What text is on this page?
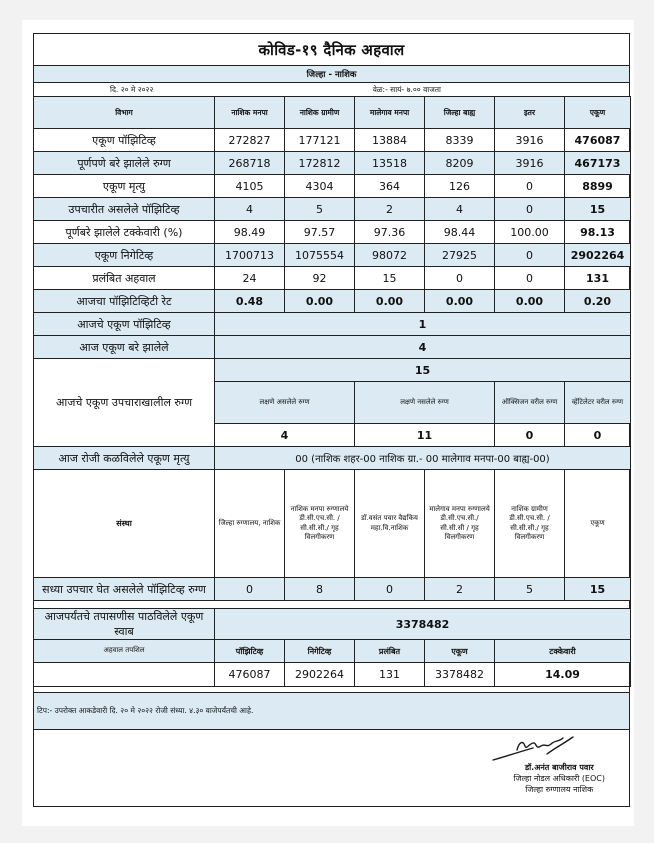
कोविड-१९ दैनिक अहवाल
जिल्हा - नाशिक
दि. २० मे २०२२	वेळ:- सायं- ७.०० वाजता
विभाग	नाशिक मनपा	नाशिक ग्रामीण	मालेगाव मनपा	जिल्हा बाह्य	इतर	एकूण
एकूण पॉझिटिव्ह	272827	177121	13884	8339	3916	476087
पूर्णपणे बरे झालेले रुग्ण	268718	172812	13518	8209	3916	467173
एकूण मृत्यु	4105	4304	364	126	0	8899
उपचारीत असलेले पॉझिटिव्ह	4	5	2	4	0	15
पूर्णबरे झालेले टक्केवारी (%)	98.49	97.57	97.36	98.44	100.00	98.13
एकूण निगेटिव्ह	1700713	1075554	98072	27925	0	2902264
प्रलंबित अहवाल	24	92	15	0	0	131
आजचा पॉझिटिव्हिटी रेट	0.48	0.00	0.00	0.00	0.00	0.20
आजचे एकूण पॉझिटिव्ह	1					
आज एकूण बरे झालेले	4					
आजचे एकूण उपचाराखालील रुग्ण	15					
	लक्षणे असलेले रुग्ण		लक्षणे नसलेले रुग्ण		ऑक्सिजन वरील रुग्ण	व्हेंटिलेटर वरील रुग्ण
	4		11		0	0
आज रोजी कळविलेले एकूण मृत्यु	00 (नाशिक शहर-00 नाशिक ग्रा.- 00 मालेगाव मनपा-00 बाह्य-00)					
संस्था	जिल्हा रुग्णालय, नाशिक	नाशिक मनपा रुग्णालये डी.सी.एच.सी. / सी.सी.सी./ गृह विलगीकरण	डॉ.वसंत पवार वैद्यकिय महा.वि.नाशिक	मालेगाव मनपा रुग्णालये डी.सी.एच.सी./ सी.सी.सी / गृह विलगीकरण	नाशिक ग्रामीण डी.सी.एच.सी. /सी.सी.सी./ गृह विलगीकरण	एकूण
सध्या उपचार घेत असलेले पॉझिटिव्ह रुग्ण	0	8	0	2	5	15

आजपर्यंतचे तपासणीस पाठविलेले एकूण स्वाब	3378482					
अहवाल तपशिल	पॉझिटिव्ह	निगेटिव्ह	प्रलंबित	एकूण	टक्केवारी	
	476087	2902264	131	3378482	14.09	
टिप:- उपरोक्त आकडेवारी दि. २० मे २०२२ रोजी संध्या. ४.३० वाजेपर्यंतची आहे.
डॉ.अनंत बाजीराव पवार
जिल्हा नोडल अधिकारी (EOC)
जिल्हा रुग्णालय नाशिक
